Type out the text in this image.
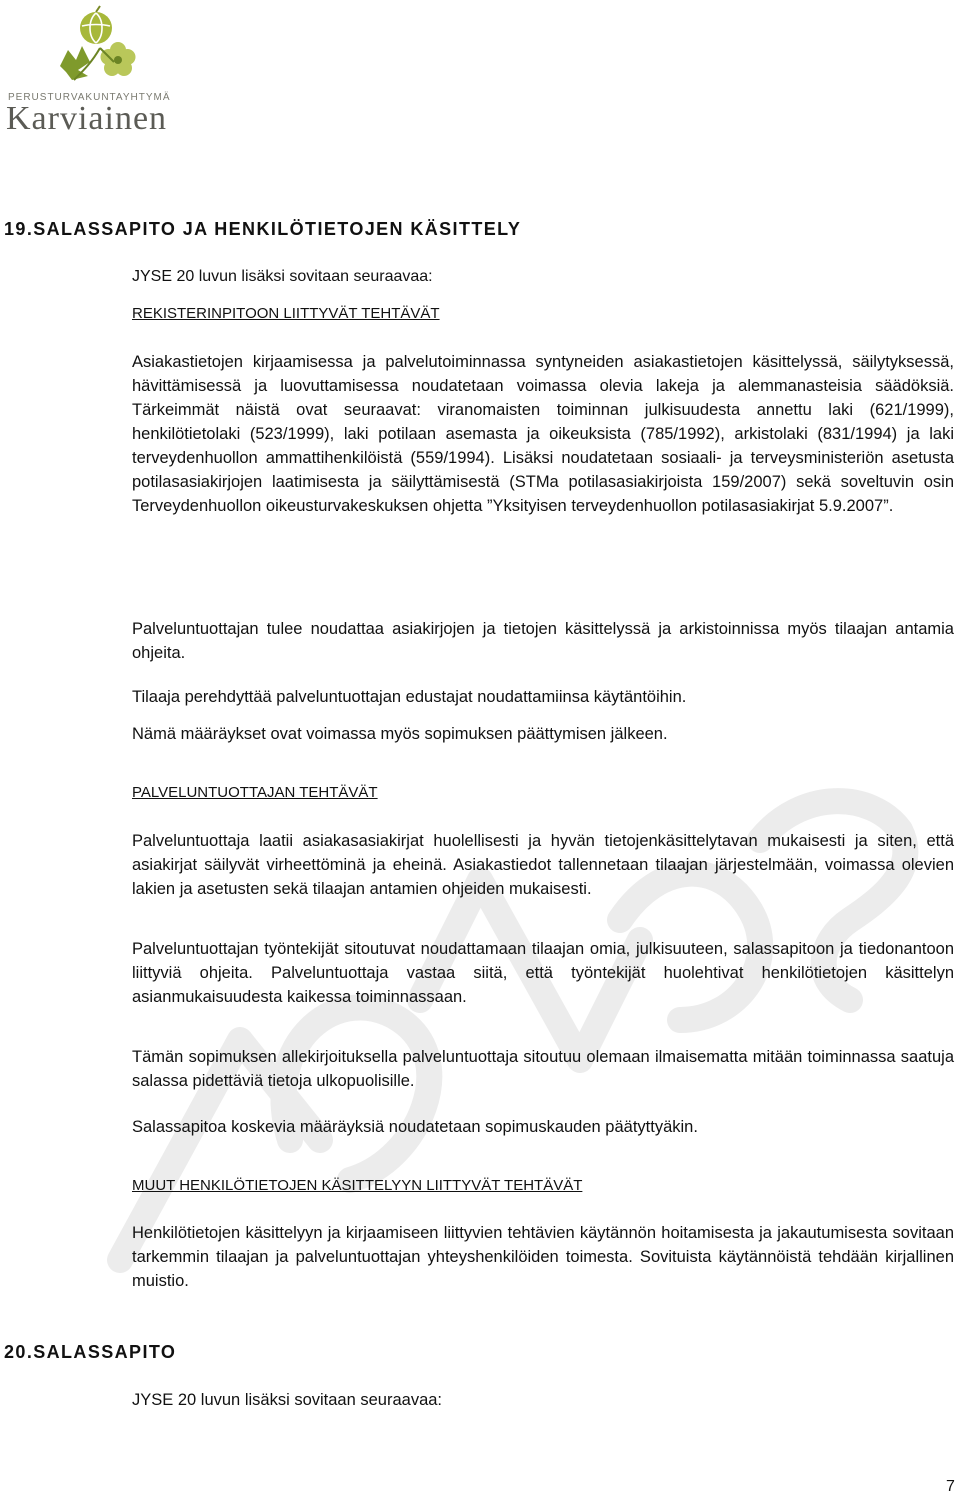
PERUSTURVAKUNTAYHTYMÄ
Karviainen
19.SALASSAPITO JA HENKILÖTIETOJEN KÄSITTELY
JYSE 20 luvun lisäksi sovitaan seuraavaa:
REKISTERINPITOON LIITTYVÄT TEHTÄVÄT
Asiakastietojen kirjaamisessa ja palvelutoiminnassa syntyneiden asiakastietojen käsittelyssä, säilytyksessä, hävittämisessä ja luovuttamisessa noudatetaan voimassa olevia lakeja ja alemmanasteisia säädöksiä. Tärkeimmät näistä ovat seuraavat: viranomaisten toiminnan julkisuudesta annettu laki (621/1999), henkilötietolaki (523/1999), laki potilaan asemasta ja oikeuksista (785/1992), arkistolaki (831/1994) ja laki terveydenhuollon ammattihenkilöistä (559/1994). Lisäksi noudatetaan sosiaali- ja terveysministeriön asetusta potilasasiakirjojen laatimisesta ja säilyttämisestä (STMa potilasasiakirjoista 159/2007) sekä soveltuvin osin Terveydenhuollon oikeusturvakeskuksen ohjetta ”Yksityisen terveydenhuollon potilasasiakirjat 5.9.2007”.
Palveluntuottajan tulee noudattaa asiakirjojen ja tietojen käsittelyssä ja arkistoinnissa myös tilaajan antamia ohjeita.
Tilaaja perehdyttää palveluntuottajan edustajat noudattamiinsa käytäntöihin.
Nämä määräykset ovat voimassa myös sopimuksen päättymisen jälkeen.
PALVELUNTUOTTAJAN TEHTÄVÄT
Palveluntuottaja laatii asiakasasiakirjat huolellisesti ja hyvän tietojenkäsittelytavan mukaisesti ja siten, että asiakirjat säilyvät virheettöminä ja eheinä. Asiakastiedot tallennetaan tilaajan järjestelmään, voimassa olevien lakien ja asetusten sekä tilaajan antamien ohjeiden mukaisesti.
Palveluntuottajan työntekijät sitoutuvat noudattamaan tilaajan omia, julkisuuteen, salassapitoon ja tiedonantoon liittyviä ohjeita. Palveluntuottaja vastaa siitä, että työntekijät huolehtivat henkilötietojen käsittelyn asianmukaisuudesta kaikessa toiminnassaan.
Tämän sopimuksen allekirjoituksella palveluntuottaja sitoutuu olemaan ilmaisematta mitään toiminnassa saatuja salassa pidettäviä tietoja ulkopuolisille.
Salassapitoa koskevia määräyksiä noudatetaan sopimuskauden päätyttyäkin.
MUUT HENKILÖTIETOJEN KÄSITTELYYN LIITTYVÄT TEHTÄVÄT
Henkilötietojen käsittelyyn ja kirjaamiseen liittyvien tehtävien käytännön hoitamisesta ja jakautumisesta sovitaan tarkemmin tilaajan ja palveluntuottajan yhteyshenkilöiden toimesta. Sovituista käytännöistä tehdään kirjallinen muistio.
20.SALASSAPITO
JYSE 20 luvun lisäksi sovitaan seuraavaa:
7
